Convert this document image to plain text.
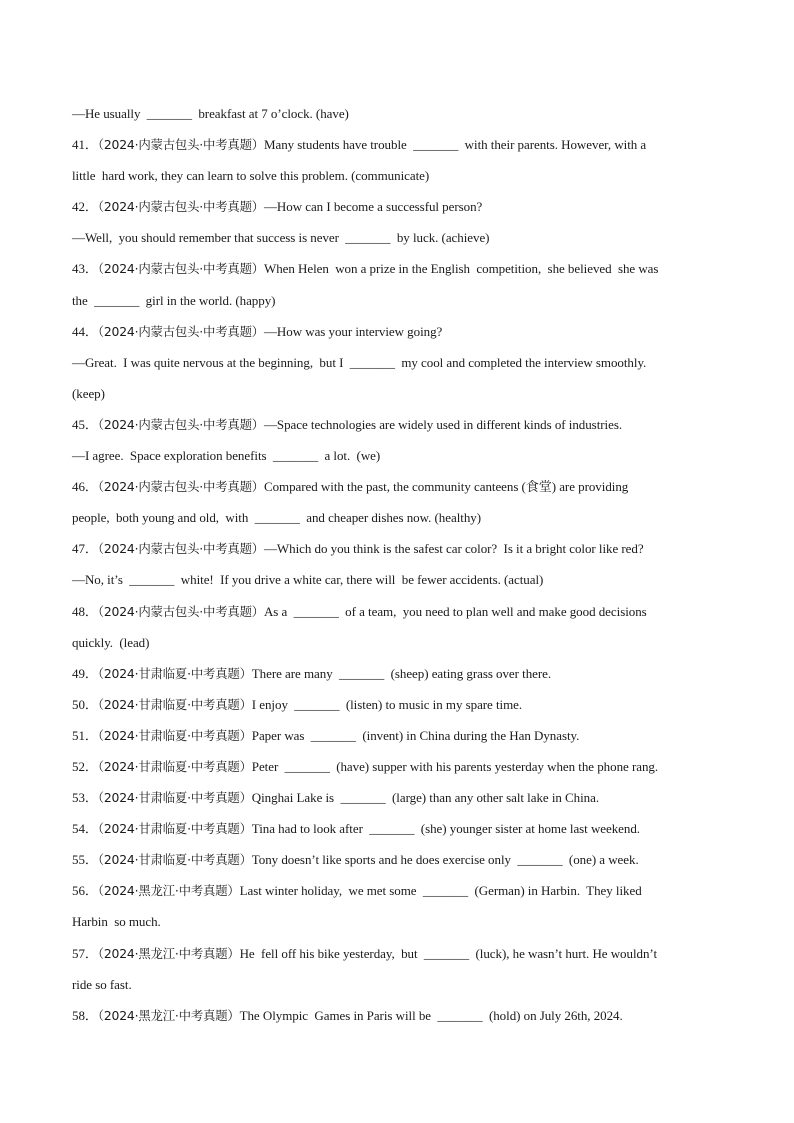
—He usually  _______  breakfast at 7 o’clock. (have)
41．（2024·内蒙古包头·中考真题）Many students have trouble  _______  with their parents. However, with a
little  hard work, they can learn to solve this problem. (communicate)
42．（2024·内蒙古包头·中考真题）—How can I become a successful person?
—Well,  you should remember that success is never  _______  by luck. (achieve)
43．（2024·内蒙古包头·中考真题）When Helen  won a prize in the English  competition,  she believed  she was
the  _______  girl in the world. (happy)
44．（2024·内蒙古包头·中考真题）—How was your interview going?
—Great.  I was quite nervous at the beginning,  but I  _______  my cool and completed the interview smoothly.
(keep)
45．（2024·内蒙古包头·中考真题）—Space technologies are widely used in different kinds of industries.
—I agree.  Space exploration benefits  _______  a lot.  (we)
46．（2024·内蒙古包头·中考真题）Compared with the past, the community canteens (食堂) are providing
people,  both young and old,  with  _______  and cheaper dishes now. (healthy)
47．（2024·内蒙古包头·中考真题）—Which do you think is the safest car color?  Is it a bright color like red?
—No, it’s  _______  white!  If you drive a white car, there will  be fewer accidents. (actual)
48．（2024·内蒙古包头·中考真题）As a  _______  of a team,  you need to plan well and make good decisions
quickly.  (lead)
49．（2024·甘肃临夏·中考真题）There are many  _______  (sheep) eating grass over there.
50．（2024·甘肃临夏·中考真题）I enjoy  _______  (listen) to music in my spare time.
51．（2024·甘肃临夏·中考真题）Paper was  _______  (invent) in China during the Han Dynasty.
52．（2024·甘肃临夏·中考真题）Peter  _______  (have) supper with his parents yesterday when the phone rang.
53．（2024·甘肃临夏·中考真题）Qinghai Lake is  _______  (large) than any other salt lake in China.
54．（2024·甘肃临夏·中考真题）Tina had to look after  _______  (she) younger sister at home last weekend.
55．（2024·甘肃临夏·中考真题）Tony doesn’t like sports and he does exercise only  _______  (one) a week.
56．（2024·黑龙江·中考真题）Last winter holiday,  we met some  _______  (German) in Harbin.  They liked
Harbin  so much.
57．（2024·黑龙江·中考真题）He  fell off his bike yesterday,  but  _______  (luck), he wasn’t hurt. He wouldn’t
ride so fast.
58．（2024·黑龙江·中考真题）The Olympic  Games in Paris will be  _______  (hold) on July 26th, 2024.
